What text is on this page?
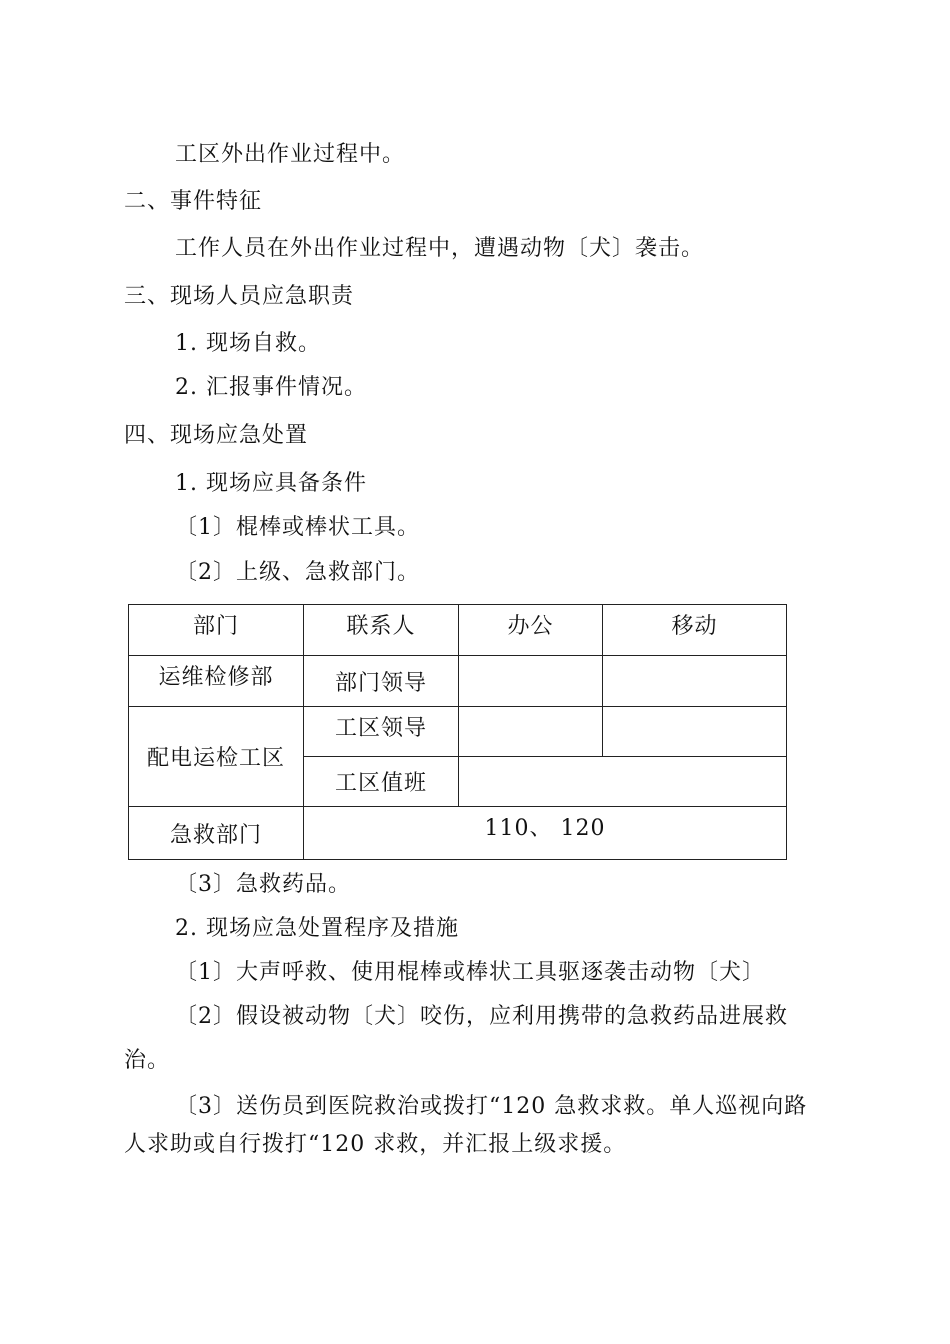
工区外出作业过程中。
二、事件特征
工作人员在外出作业过程中，遭遇动物〔犬〕袭击。
三、现场人员应急职责
1. 现场自救。
2. 汇报事件情况。
四、现场应急处置
1. 现场应具备条件
〔1〕棍棒或棒状工具。
〔2〕上级、急救部门。
部门	联系人	办公	移动
运维检修部	部门领导		
配电运检工区	工区领导		
	工区值班		
急救部门	110、 120		
〔3〕急救药品。
2. 现场应急处置程序及措施
〔1〕大声呼救、使用棍棒或棒状工具驱逐袭击动物〔犬〕
〔2〕假设被动物〔犬〕咬伤，应利用携带的急救药品进展救
治。
〔3〕送伤员到医院救治或拨打“120 急救求救。单人巡视向路
人求助或自行拨打“120 求救，并汇报上级求援。
